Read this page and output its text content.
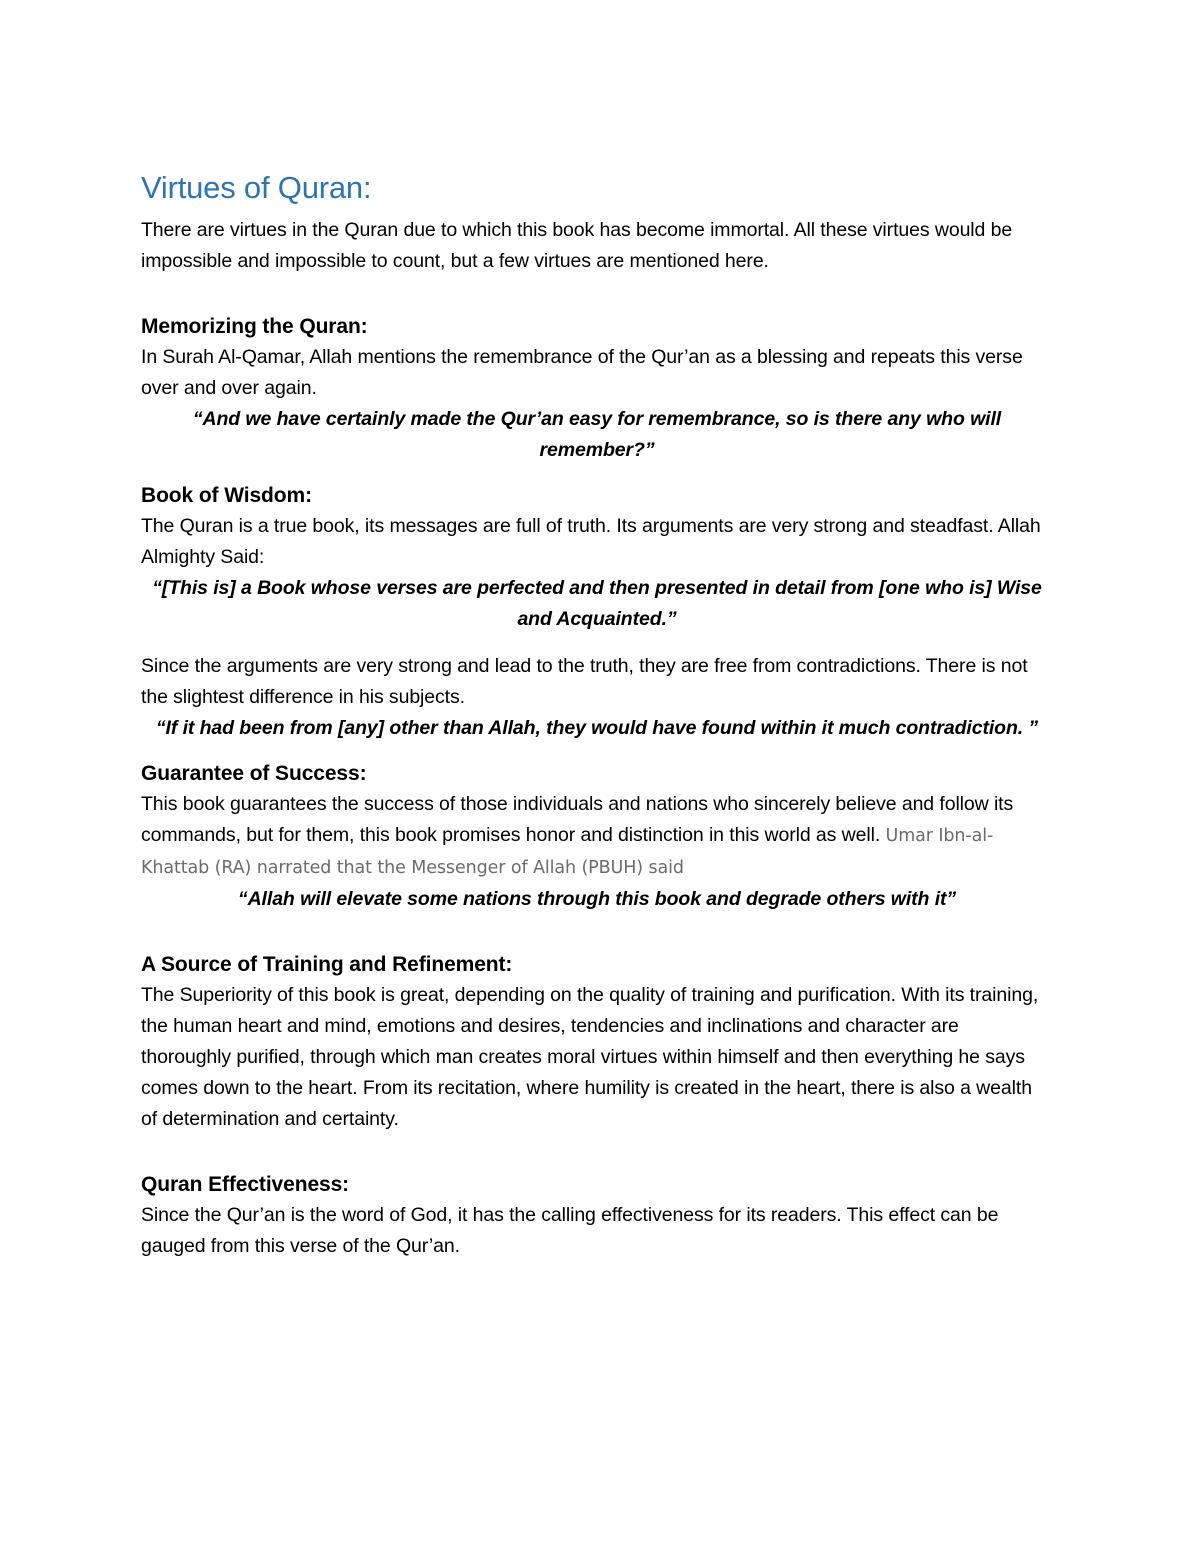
Virtues of Quran:

There are virtues in the Quran due to which this book has become immortal. All these virtues would be impossible and impossible to count, but a few virtues are mentioned here.

Memorizing the Quran:

In Surah Al-Qamar, Allah mentions the remembrance of the Qur’an as a blessing and repeats this verse over and over again.

“And we have certainly made the Qur’an easy for remembrance, so is there any who will remember?”

Book of Wisdom:

The Quran is a true book, its messages are full of truth. Its arguments are very strong and steadfast. Allah Almighty Said:

“[This is] a Book whose verses are perfected and then presented in detail from [one who is] Wise and Acquainted.”

Since the arguments are very strong and lead to the truth, they are free from contradictions. There is not the slightest difference in his subjects.

“If it had been from [any] other than Allah, they would have found within it much contradiction. ”

Guarantee of Success:

This book guarantees the success of those individuals and nations who sincerely believe and follow its commands, but for them, this book promises honor and distinction in this world as well. Umar Ibn-al-Khattab (RA) narrated that the Messenger of Allah (PBUH) said

“Allah will elevate some nations through this book and degrade others with it”

A Source of Training and Refinement:

The Superiority of this book is great, depending on the quality of training and purification. With its training, the human heart and mind, emotions and desires, tendencies and inclinations and character are thoroughly purified, through which man creates moral virtues within himself and then everything he says comes down to the heart. From its recitation, where humility is created in the heart, there is also a wealth of determination and certainty.

Quran Effectiveness:

Since the Qur’an is the word of God, it has the calling effectiveness for its readers. This effect can be gauged from this verse of the Qur’an.
